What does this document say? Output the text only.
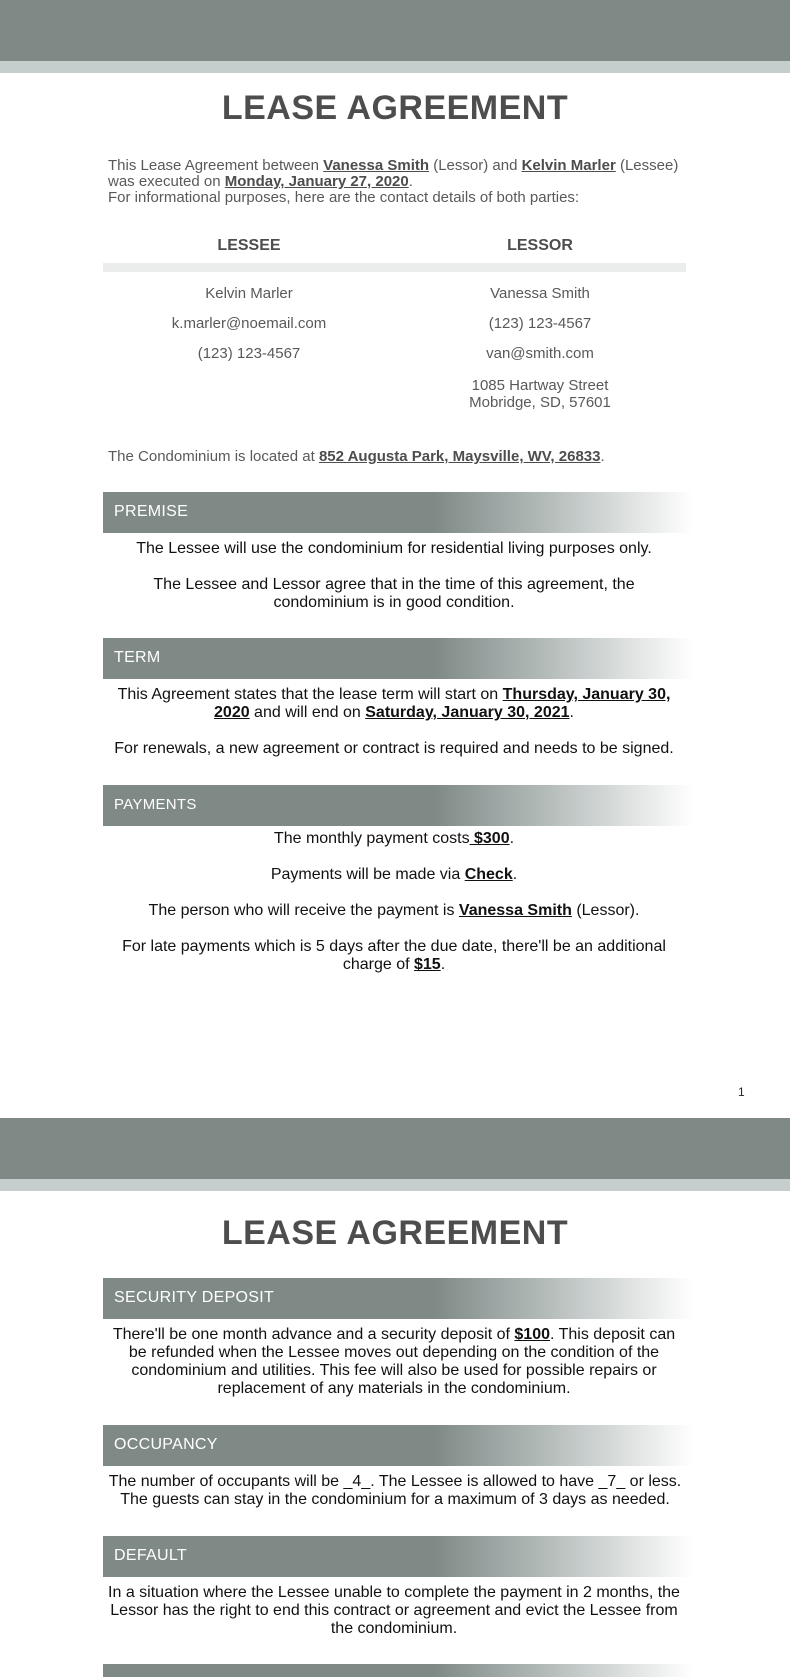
LEASE AGREEMENT
This Lease Agreement between Vanessa Smith (Lessor) and Kelvin Marler (Lessee)
was executed on Monday, January 27, 2020.
For informational purposes, here are the contact details of both parties:
LESSEE	LESSOR
Kelvin Marler
k.marler@noemail.com
(123) 123-4567
Vanessa Smith
(123) 123-4567
van@smith.com
1085 Hartway Street
Mobridge, SD, 57601
The Condominium is located at 852 Augusta Park, Maysville, WV, 26833.
PREMISE
The Lessee will use the condominium for residential living purposes only.
The Lessee and Lessor agree that in the time of this agreement, the condominium is in good condition.
TERM
This Agreement states that the lease term will start on Thursday, January 30, 2020 and will end on Saturday, January 30, 2021.
For renewals, a new agreement or contract is required and needs to be signed.
PAYMENTS
The monthly payment costs $300.
Payments will be made via Check.
The person who will receive the payment is Vanessa Smith (Lessor).
For late payments which is 5 days after the due date, there'll be an additional charge of $15.
1
LEASE AGREEMENT
SECURITY DEPOSIT
There'll be one month advance and a security deposit of $100. This deposit can be refunded when the Lessee moves out depending on the condition of the condominium and utilities. This fee will also be used for possible repairs or replacement of any materials in the condominium.
OCCUPANCY
The number of occupants will be _4_. The Lessee is allowed to have _7_ or less. The guests can stay in the condominium for a maximum of 3 days as needed.
DEFAULT
In a situation where the Lessee unable to complete the payment in 2 months, the Lessor has the right to end this contract or agreement and evict the Lessee from the condominium.
